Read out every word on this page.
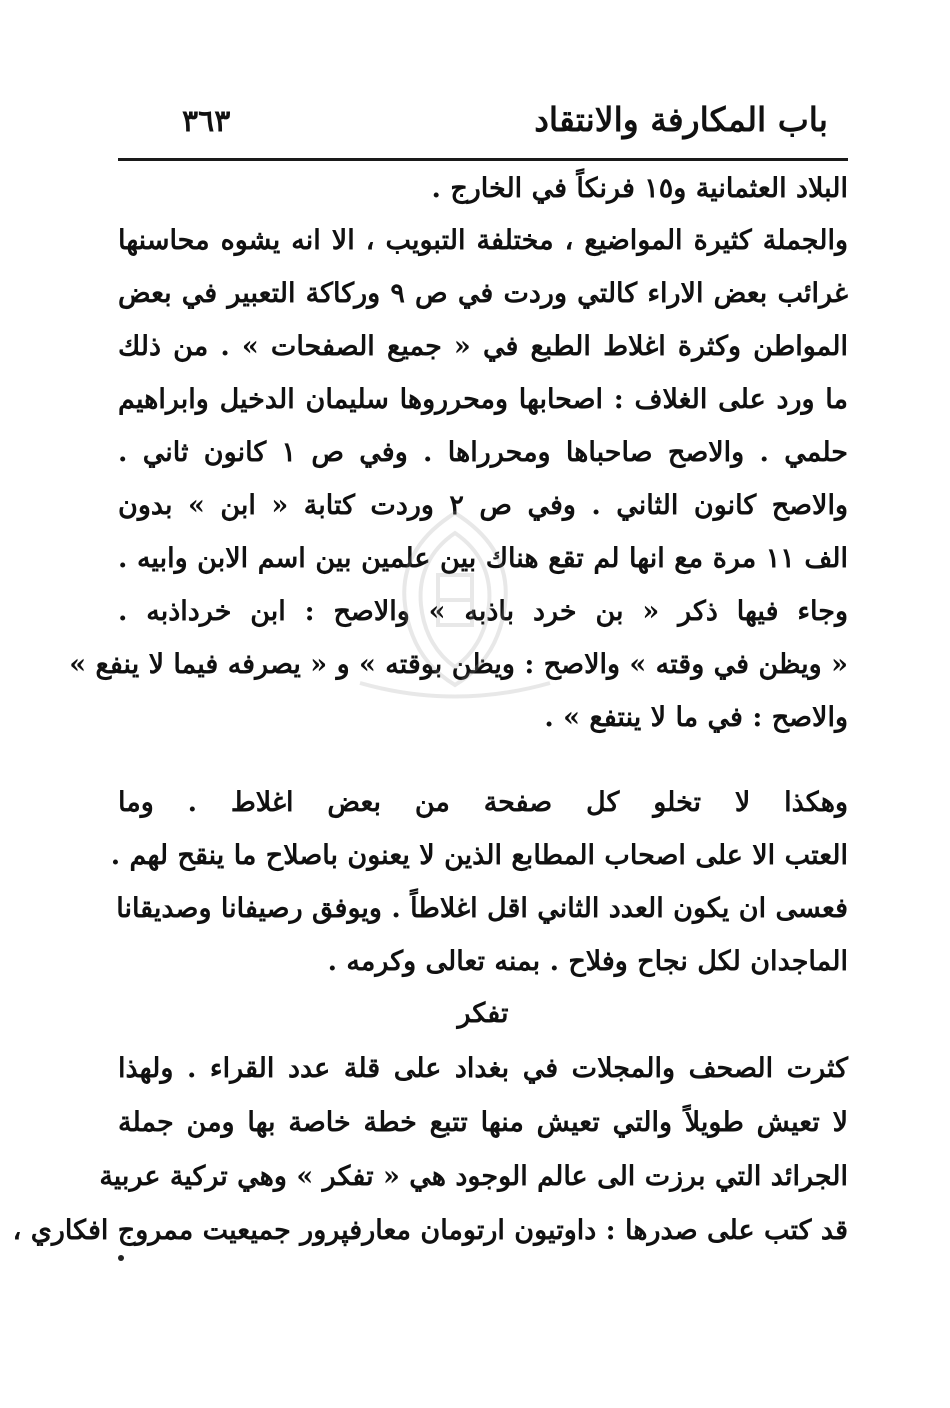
باب المكارفة والانتقاد
٣٦٣
البلاد العثمانية و١٥ فرنكاً في الخارج .
والجملة كثيرة المواضيع ، مختلفة التبويب ، الا انه يشوه محاسنها
غرائب بعض الاراء كالتي وردت في ص ٩ وركاكة التعبير في بعض
المواطن وكثرة اغلاط الطبع في « جميع الصفحات » . من ذلك
ما ورد على الغلاف : اصحابها ومحرروها سليمان الدخيل وابراهيم
حلمي . والاصح صاحباها ومحرراها . وفي ص ١ كانون ثاني .
والاصح كانون الثاني . وفي ص ٢ وردت كتابة « ابن » بدون
الف ١١ مرة مع انها لم تقع هناك بين علمين بين اسم الابن وابيه .
وجاء فيها ذكر « بن خرد باذبه » والاصح : ابن خرداذبه .
« ويظن في وقته » والاصح : ويظن بوقته » و « يصرفه فيما لا ينفع »
والاصح : في ما لا ينتفع » .
وهكذا لا تخلو كل صفحة من بعض اغلاط . وما
العتب الا على اصحاب المطابع الذين لا يعنون باصلاح ما ينقح لهم .
فعسى ان يكون العدد الثاني اقل اغلاطاً . ويوفق رصيفانا وصديقانا
الماجدان لكل نجاح وفلاح . بمنه تعالى وكرمه .
تفكر
كثرت الصحف والمجلات في بغداد على قلة عدد القراء . ولهذا
لا تعيش طويلاً والتي تعيش منها تتبع خطة خاصة بها ومن جملة
الجرائد التي برزت الى عالم الوجود هي « تفكر » وهي تركية عربية
قد كتب على صدرها : داوتيون ارتومان معارفپرور جميعيت ممروج افكاري ،
